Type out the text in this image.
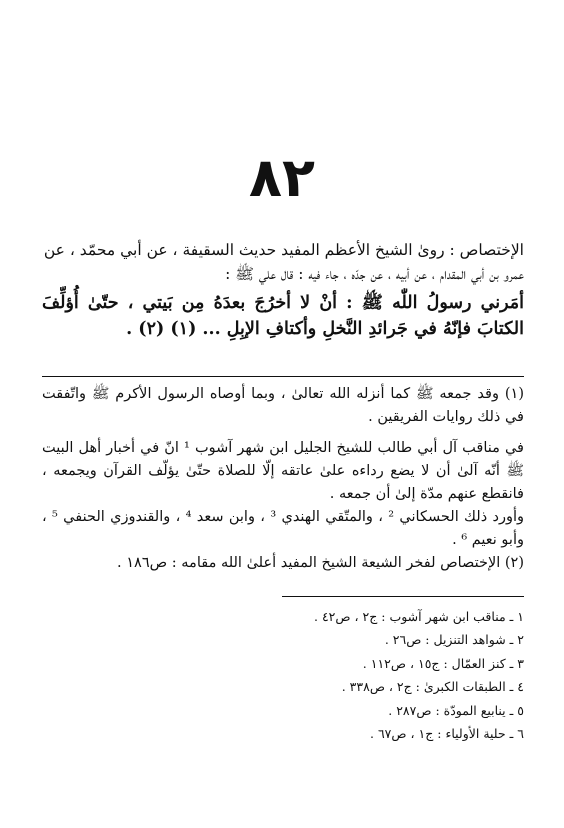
٨٢

الإختصاص : روىٰ الشيخ الأعظم المفيد حديث السقيفة ، عن أبي محمّد ، عن

عمرو بن أبي المقدام ، عن أبيه ، عن جدّه ، جاء فيه : قال علي ﷺ :

أمَرني رسولُ اللّٰه ﷺ : أنْ لا أخرُجَ بعدَهُ مِن بَيتي ، حتّىٰ أُؤلِّفَ الكتابَ فإنّهُ في جَرائدِ النَّخلِ وأكتافِ الإبِلِ ... (١) (٢) .

(١) وقد جمعه ﷺ كما أنزله الله تعالىٰ ، وبما أوصاه الرسول الأكرم ﷺ واتّفقت في ذلك روايات الفريقين .

في مناقب آل أبي طالب للشيخ الجليل ابن شهر آشوب ¹ انّ في أخبار أهل البيت ﷺ أنّه آلىٰ أن لا يضع رداءه علىٰ عاتقه إلّا للصلاة حتّىٰ يؤلّف القرآن ويجمعه ، فانقطع عنهم مدّة إلىٰ أن جمعه .

وأورد ذلك الحسكاني ² ، والمتّقي الهندي ³ ، وابن سعد ⁴ ، والقندوزي الحنفي ⁵ ، وأبو نعيم ⁶ .

(٢) الإختصاص لفخر الشيعة الشيخ المفيد أعلىٰ الله مقامه : ص١٨٦ .

١ ـ مناقب ابن شهر آشوب : ج٢ ، ص٤٢ .
٢ ـ شواهد التنزيل : ص٢٦ .
٣ ـ كنز العمّال : ج١٥ ، ص١١٢ .
٤ ـ الطبقات الكبرىٰ : ج٢ ، ص٣٣٨ .
٥ ـ ينابيع المودّة : ص٢٨٧ .
٦ ـ حلية الأولياء : ج١ ، ص٦٧ .
